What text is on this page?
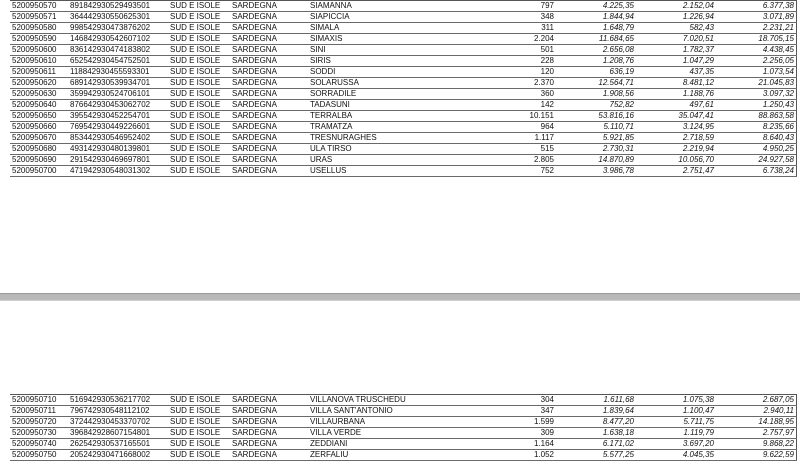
5200950570	891842930529493501	SUD E ISOLE	SARDEGNA	SIAMANNA	797	4.225,35	2.152,04	6.377,38
5200950571	364442930550625301	SUD E ISOLE	SARDEGNA	SIAPICCIA	348	1.844,94	1.226,94	3.071,89
5200950580	998542930473876202	SUD E ISOLE	SARDEGNA	SIMALA	311	1.648,79	582,43	2.231,21
5200950590	146842930542607102	SUD E ISOLE	SARDEGNA	SIMAXIS	2.204	11.684,65	7.020,51	18.705,15
5200950600	836142930474183802	SUD E ISOLE	SARDEGNA	SINI	501	2.656,08	1.782,37	4.438,45
5200950610	652542930454752501	SUD E ISOLE	SARDEGNA	SIRIS	228	1.208,76	1.047,29	2.256,05
5200950611	118842930455593301	SUD E ISOLE	SARDEGNA	SODDI	120	636,19	437,35	1.073,54
5200950620	689142930539934701	SUD E ISOLE	SARDEGNA	SOLARUSSA	2.370	12.564,71	8.481,12	21.045,83
5200950630	359942930524706101	SUD E ISOLE	SARDEGNA	SORRADILE	360	1.908,56	1.188,76	3.097,32
5200950640	876642930453062702	SUD E ISOLE	SARDEGNA	TADASUNI	142	752,82	497,61	1.250,43
5200950650	395542930452254701	SUD E ISOLE	SARDEGNA	TERRALBA	10.151	53.816,16	35.047,41	88.863,58
5200950660	769542930449226601	SUD E ISOLE	SARDEGNA	TRAMATZA	964	5.110,71	3.124,95	8.235,66
5200950670	853442930546952402	SUD E ISOLE	SARDEGNA	TRESNURAGHES	1.117	5.921,85	2.718,59	8.640,43
5200950680	493142930480139801	SUD E ISOLE	SARDEGNA	ULA TIRSO	515	2.730,31	2.219,94	4.950,25
5200950690	291542930469697801	SUD E ISOLE	SARDEGNA	URAS	2.805	14.870,89	10.056,70	24.927,58
5200950700	471942930548031302	SUD E ISOLE	SARDEGNA	USELLUS	752	3.986,78	2.751,47	6.738,24
5200950710	516942930536217702	SUD E ISOLE	SARDEGNA	VILLANOVA TRUSCHEDU	304	1.611,68	1.075,38	2.687,05
5200950711	796742930548112102	SUD E ISOLE	SARDEGNA	VILLA SANT'ANTONIO	347	1.839,64	1.100,47	2.940,11
5200950720	372442930453370702	SUD E ISOLE	SARDEGNA	VILLAURBANA	1.599	8.477,20	5.711,75	14.188,95
5200950730	396842928607154801	SUD E ISOLE	SARDEGNA	VILLA VERDE	309	1.638,18	1.119,79	2.757,97
5200950740	262542930537165501	SUD E ISOLE	SARDEGNA	ZEDDIANI	1.164	6.171,02	3.697,20	9.868,22
5200950750	205242930471668002	SUD E ISOLE	SARDEGNA	ZERFALIU	1.052	5.577,25	4.045,35	9.622,59
